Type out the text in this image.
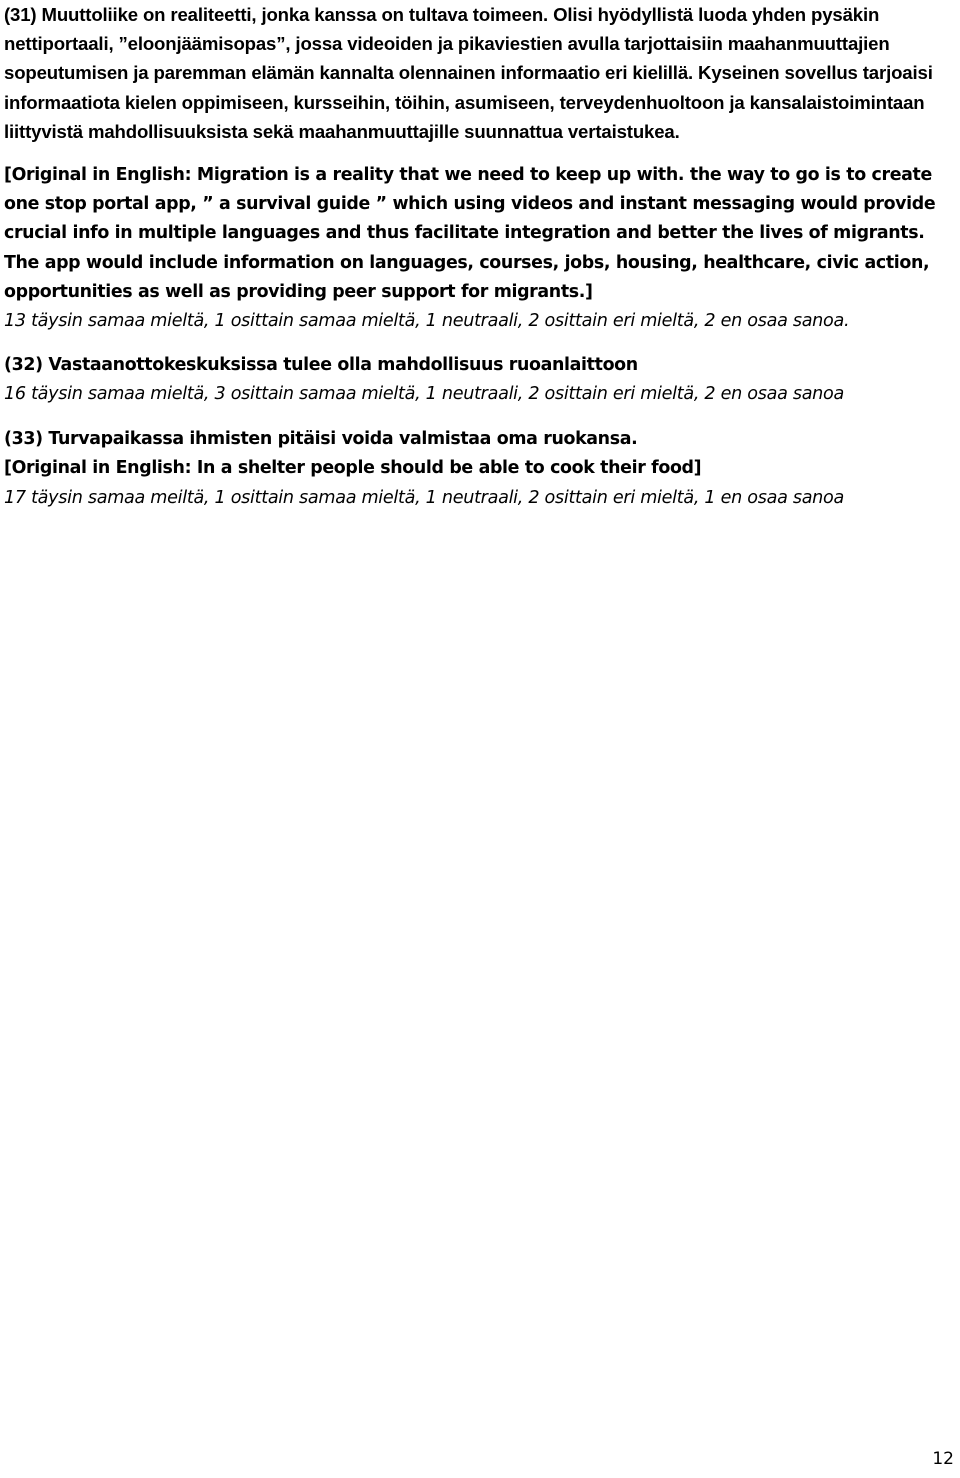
(31) Muuttoliike on realiteetti, jonka kanssa on tultava toimeen. Olisi hyödyllistä luoda yhden pysäkin nettiportaali, ”eloonjäämisopas”, jossa videoiden ja pikaviestien avulla tarjottaisiin maahanmuuttajien sopeutumisen ja paremman elämän kannalta olennainen informaatio eri kielillä. Kyseinen sovellus tarjoaisi informaatiota kielen oppimiseen, kursseihin, töihin, asumiseen, terveydenhuoltoon ja kansalaistoimintaan liittyvistä mahdollisuuksista sekä maahanmuuttajille suunnattua vertaistukea.

[Original in English: Migration is a reality that we need to keep up with. the way to go is to create one stop portal app, ” a survival guide ” which using videos and instant messaging would provide crucial info in multiple languages and thus facilitate integration and better the lives of migrants. The app would include information on languages, courses, jobs, housing, healthcare, civic action, opportunities as well as providing peer support for migrants.]

13 täysin samaa mieltä, 1 osittain samaa mieltä, 1 neutraali, 2 osittain eri mieltä, 2 en osaa sanoa.

(32) Vastaanottokeskuksissa tulee olla mahdollisuus ruoanlaittoon

16 täysin samaa mieltä, 3 osittain samaa mieltä, 1 neutraali, 2 osittain eri mieltä, 2 en osaa sanoa

(33) Turvapaikassa ihmisten pitäisi voida valmistaa oma ruokansa.

[Original in English: In a shelter people should be able to cook their food]

17 täysin samaa meiltä, 1 osittain samaa mieltä, 1 neutraali, 2 osittain eri mieltä, 1 en osaa sanoa

12
